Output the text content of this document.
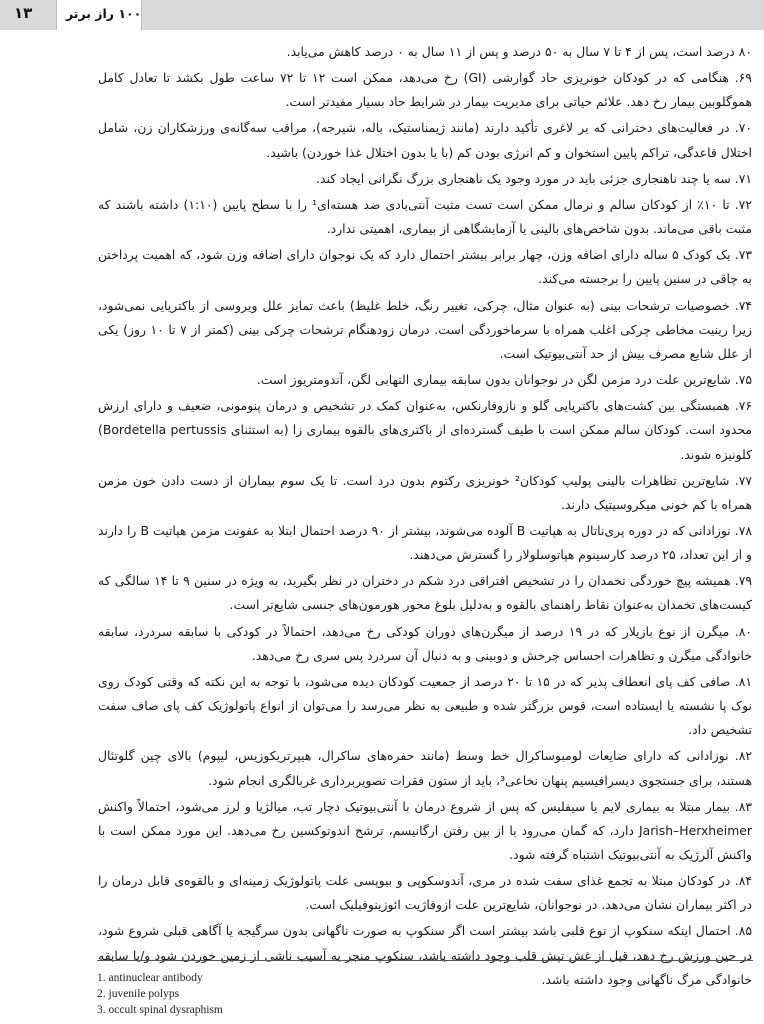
۱۰۰ راز برتر
۱۳

۸۰ درصد است، پس از ۴ تا ۷ سال به ۵۰ درصد و پس از ۱۱ سال به ۰ درصد کاهش می‌یابد.

۶۹. هنگامی که در کودکان خونریزی حاد گوارشی (GI) رخ می‌دهد، ممکن است ۱۲ تا ۷۲ ساعت طول بکشد تا تعادل کامل هموگلوبین بیمار رخ دهد. علائم حیاتی برای مدیریت بیمار در شرایط حاد بسیار مفیدتر است.

۷۰. در فعالیت‌های دخترانی که بر لاغری تأکید دارند (مانند ژیمناستیک، باله، شیرجه)، مراقب سه‌گانه‌ی ورزشکاران زن، شامل اختلال قاعدگی، تراکم پایین استخوان و کم انرژی بودن کم (با یا بدون اختلال غذا خوردن) باشید.

۷۱. سه یا چند ناهنجاری جزئی باید در مورد وجود یک ناهنجاری بزرگ نگرانی ایجاد کند.

۷۲. تا ۱۰٪ از کودکان سالم و نرمال ممکن است تست مثبت آنتی‌بادی ضد هسته‌ای¹ را با سطح پایین (۱:۱۰) داشته باشند که مثبت باقی می‌ماند. بدون شاخص‌های بالینی یا آزمایشگاهی از بیماری، اهمیتی ندارد.

۷۳. یک کودک ۵ ساله دارای اضافه وزن، چهار برابر بیشتر احتمال دارد که یک نوجوان دارای اضافه وزن شود، که اهمیت پرداختن به چاقی در سنین پایین را برجسته می‌کند.

۷۴. خصوصیات ترشحات بینی (به عنوان مثال، چرکی، تغییر رنگ، خلط غلیظ) باعث تمایز علل ویروسی از باکتریایی نمی‌شود، زیرا رینیت مخاطی چرکی اغلب همراه با سرماخوردگی است. درمان زودهنگام ترشحات چرکی بینی (کمتر از ۷ تا ۱۰ روز) یکی از علل شایع مصرف بیش از حد آنتی‌بیوتیک است.

۷۵. شایع‌ترین علت درد مزمن لگن در نوجوانان بدون سابقه بیماری التهابی لگن، آندومتریوز است.

۷۶. همبستگی بین کشت‌های باکتریایی گلو و نازوفارنکس، به‌عنوان کمک در تشخیص و درمان پنومونی، ضعیف و دارای ارزش محدود است. کودکان سالم ممکن است با طیف گسترده‌ای از باکتری‌های بالقوه بیماری زا (به استثنای Bordetella pertussis) کلونیزه شوند.

۷۷. شایع‌ترین تظاهرات بالینی پولیپ کودکان² خونریزی رکتوم بدون درد است. تا یک سوم بیماران از دست دادن خون مزمن همراه با کم خونی میکروسیتیک دارند.

۷۸. نوزادانی که در دوره پری‌ناتال به هپاتیت B آلوده می‌شوند، بیشتر از ۹۰ درصد احتمال ابتلا به عفونت مزمن هپاتیت B را دارند و از این تعداد، ۲۵ درصد کارسینوم هپاتوسلولار را گسترش می‌دهند.

۷۹. همیشه پیچ خوردگی تخمدان را در تشخیص افتراقی درد شکم در دختران در نظر بگیرید، به ویژه در سنین ۹ تا ۱۴ سالگی که کیست‌های تخمدان به‌عنوان نقاط راهنمای بالقوه و به‌دلیل بلوغ محور هورمون‌های جنسی شایع‌تر است.

۸۰. میگرن از نوع بازیلار که در ۱۹ درصد از میگرن‌های دوران کودکی رخ می‌دهد، احتمالاً در کودکی با سابقه سردرد، سابقه خانوادگی میگرن و تظاهرات احساس چرخش و دوبینی و به دنبال آن سردرد پس سری رخ می‌دهد.

۸۱. صافی کف پای انعطاف پذیر که در ۱۵ تا ۲۰ درصد از جمعیت کودکان دیده می‌شود، با توجه به این نکته که وقتی کودک روی نوک پا نشسته یا ایستاده است، قوس بزرگتر شده و طبیعی به نظر می‌رسد را می‌توان از انواع پاتولوژیک کف پای صاف سفت تشخیص داد.

۸۲. نوزادانی که دارای ضایعات لومبوساکرال خط وسط (مانند حفره‌های ساکرال، هیپرتریکوزیس، لیپوم) بالای چین گلوتئال هستند، برای جستجوی دیسرافیسیم پنهان نخاعی³، باید از ستون فقرات تصویربرداری غربالگری انجام شود.

۸۳. بیمار مبتلا به بیماری لایم یا سیفلیس که پس از شروع درمان با آنتی‌بیوتیک دچار تب، میالژیا و لرز می‌شود، احتمالاً واکنش Jarish–Herxheimer دارد، که گمان می‌رود با از بین رفتن ارگانیسم، ترشح اندوتوکسین رخ می‌دهد. این مورد ممکن است با واکنش آلرژیک به آنتی‌بیوتیک اشتباه گرفته شود.

۸۴. در کودکان مبتلا به تجمع غذای سفت شده در مری، آندوسکوپی و بیوپسی علت پاتولوژیک زمینه‌ای و بالقوه‌ی قابل درمان را در اکثر بیماران نشان می‌دهد. در نوجوانان، شایع‌ترین علت ازوفاژیت ائوزینوفیلیک است.

۸۵. احتمال اینکه سنکوپ از نوع قلبی باشد بیشتر است اگر سنکوپ به صورت ناگهانی بدون سرگیجه یا آگاهی قبلی شروع شود، در حین ورزش رخ دهد، قبل از غش تپش قلب وجود داشته باشد، سنکوپ منجر به آسیب ناشی از زمین خوردن شود و/یا سابقه خانوادگی مرگ ناگهانی وجود داشته باشد.

1. antinuclear antibody
2. juvenile polyps
3. occult spinal dysraphism
